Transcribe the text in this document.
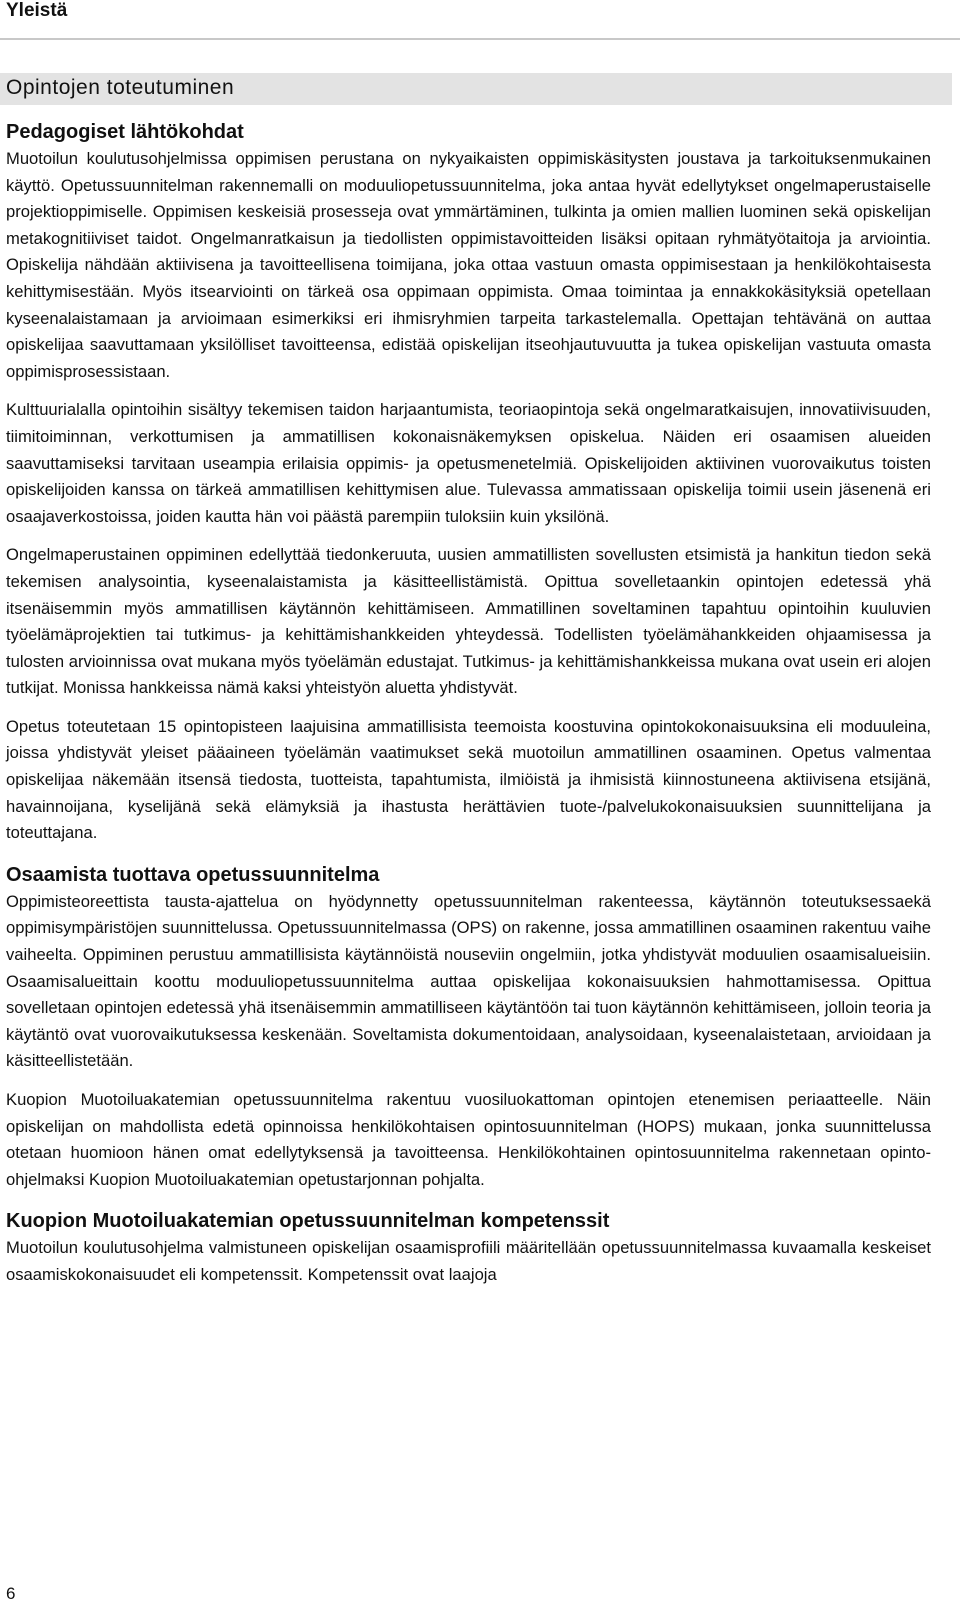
Yleistä
Opintojen toteutuminen
Pedagogiset lähtökohdat

Muotoilun koulutusohjelmissa oppimisen perustana on nykyaikaisten oppimiskäsitysten joustava ja tarkoituksenmukainen käyttö. Opetussuunnitelman rakennemalli on moduuliopetussuunnitelma, joka antaa hyvät edellytykset ongelmaperustaiselle projektioppimiselle. Oppimisen keskeisiä prosesseja ovat ymmärtäminen, tulkinta ja omien mallien luominen sekä opiskelijan metakognitiiviset taidot. Ongelmanratkaisun ja tiedollisten oppimistavoitteiden lisäksi opitaan ryhmätyötaitoja ja arviointia. Opiskelija nähdään aktiivisena ja tavoitteellisena toimijana, joka ottaa vastuun omasta oppimisestaan ja henkilökohtaisesta kehittymisestään. Myös itsearviointi on tärkeä osa oppimaan oppimista. Omaa toimintaa ja ennakkokäsityksiä opetellaan kyseenalaistamaan ja arvioimaan esimerkiksi eri ihmisryhmien tarpeita tarkastelemalla. Opettajan tehtävänä on auttaa opiskelijaa saavuttamaan yksilölliset tavoitteensa, edistää opiskelijan itseohjautuvuutta ja tukea opiskelijan vastuuta omasta oppimisprosessistaan.

Kulttuurialalla opintoihin sisältyy tekemisen taidon harjaantumista, teoriaopintoja sekä ongelmaratkaisujen, innovatiivisuuden, tiimitoiminnan, verkottumisen ja ammatillisen kokonaisnäkemyksen opiskelua. Näiden eri osaamisen alueiden saavuttamiseksi tarvitaan useampia erilaisia oppimis- ja opetusmenetelmiä. Opiskelijoiden aktiivinen vuorovaikutus toisten opiskelijoiden kanssa on tärkeä ammatillisen kehittymisen alue. Tulevassa ammatissaan opiskelija toimii usein jäsenenä eri osaajaverkostoissa, joiden kautta hän voi päästä parempiin tuloksiin kuin yksilönä.

Ongelmaperustainen oppiminen edellyttää tiedonkeruuta, uusien ammatillisten sovellusten etsimistä ja hankitun tiedon sekä tekemisen analysointia, kyseenalaistamista ja käsitteellistämistä. Opittua sovelletaankin opintojen edetessä yhä itsenäisemmin myös ammatillisen käytännön kehittämiseen. Ammatillinen soveltaminen tapahtuu opintoihin kuuluvien työelämäprojektien tai tutkimus- ja kehittämishankkeiden yhteydessä. Todellisten työelämähankkeiden ohjaamisessa ja tulosten arvioinnissa ovat mukana myös työelämän edustajat. Tutkimus- ja kehittämishankkeissa mukana ovat usein eri alojen tutkijat. Monissa hankkeissa nämä kaksi yhteistyön aluetta yhdistyvät.

Opetus toteutetaan 15 opintopisteen laajuisina ammatillisista teemoista koostuvina opintokokonaisuuksina eli moduuleina, joissa yhdistyvät yleiset pääaineen työelämän vaatimukset sekä muotoilun ammatillinen osaaminen. Opetus valmentaa opiskelijaa näkemään itsensä tiedosta, tuotteista, tapahtumista, ilmiöistä ja ihmisistä kiinnostuneena aktiivisena etsijänä, havainnoijana, kyselijänä sekä elämyksiä ja ihastusta herättävien tuote-/palvelukokonaisuuksien suunnittelijana ja toteuttajana.

Osaamista tuottava opetussuunnitelma

Oppimisteoreettista tausta-ajattelua on hyödynnetty opetussuunnitelman rakenteessa, käytännön toteutuksessaekä oppimisympäristöjen suunnittelussa. Opetussuunnitelmassa (OPS) on rakenne, jossa ammatillinen osaaminen rakentuu vaihe vaiheelta. Oppiminen perustuu ammatillisista käytännöistä nouseviin ongelmiin, jotka yhdistyvät moduulien osaamisalueisiin. Osaamisalueittain koottu moduuliopetussuunnitelma auttaa opiskelijaa kokonaisuuksien hahmottamisessa. Opittua sovelletaan opintojen edetessä yhä itsenäisemmin ammatilliseen käytäntöön tai tuon käytännön kehittämiseen, jolloin teoria ja käytäntö ovat vuorovaikutuksessa keskenään. Soveltamista dokumentoidaan, analysoidaan, kyseenalaistetaan, arvioidaan ja käsitteellistetään.

Kuopion Muotoiluakatemian opetussuunnitelma rakentuu vuosiluokattoman opintojen etenemisen periaatteelle. Näin opiskelijan on mahdollista edetä opinnoissa henkilökohtaisen opintosuunnitelman (HOPS) mukaan, jonka suunnittelussa otetaan huomioon hänen omat edellytyksensä ja tavoitteensa. Henkilökohtainen opintosuunnitelma rakennetaan opinto-ohjelmaksi Kuopion Muotoiluakatemian opetustarjonnan pohjalta.

Kuopion Muotoiluakatemian opetussuunnitelman kompetenssit

Muotoilun koulutusohjelma valmistuneen opiskelijan osaamisprofiili määritellään opetussuunnitelmassa kuvaamalla keskeiset osaamiskokonaisuudet eli kompetenssit. Kompetenssit ovat laajoja

6
